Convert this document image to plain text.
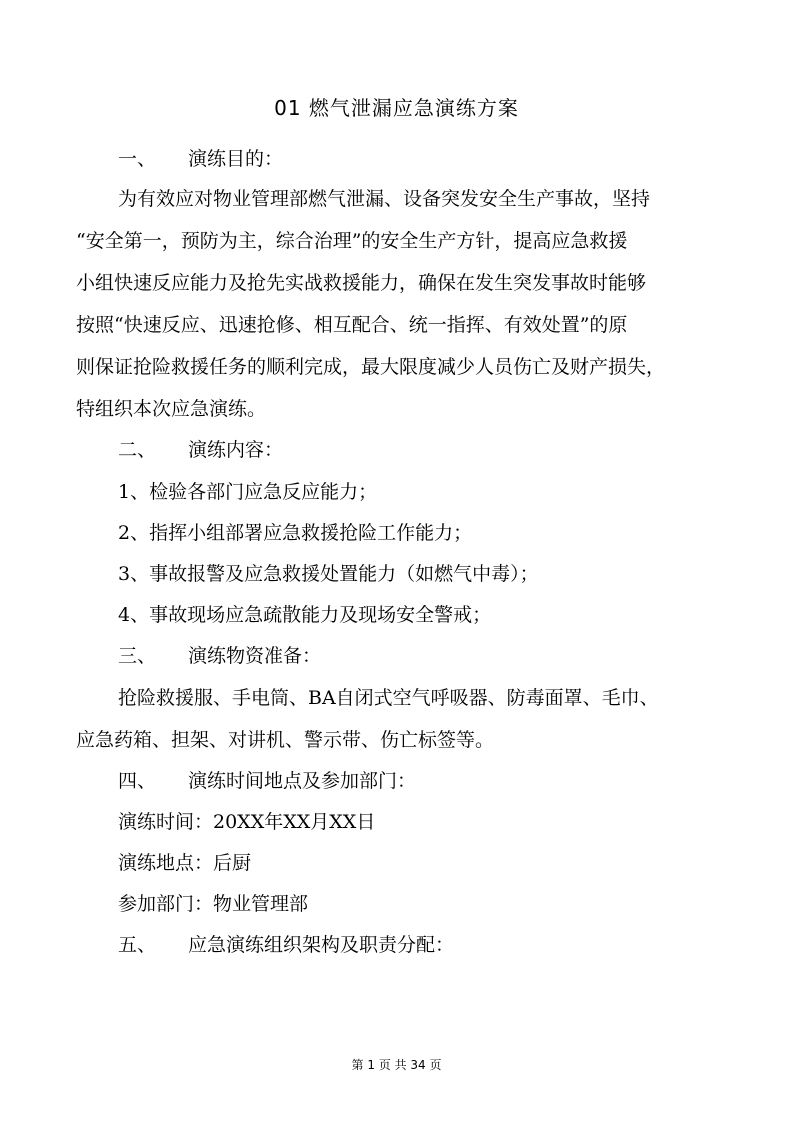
01 燃气泄漏应急演练方案
一、 演练目的：
为有效应对物业管理部燃气泄漏、设备突发安全生产事故，坚持
“安全第一，预防为主，综合治理”的安全生产方针，提高应急救援
小组快速反应能力及抢先实战救援能力，确保在发生突发事故时能够
按照“快速反应、迅速抢修、相互配合、统一指挥、有效处置”的原
则保证抢险救援任务的顺利完成，最大限度减少人员伤亡及财产损失，
特组织本次应急演练。
二、 演练内容：
1、检验各部门应急反应能力；
2、指挥小组部署应急救援抢险工作能力；
3、事故报警及应急救援处置能力（如燃气中毒）；
4、事故现场应急疏散能力及现场安全警戒；
三、 演练物资准备：
抢险救援服、手电筒、BA自闭式空气呼吸器、防毒面罩、毛巾、
应急药箱、担架、对讲机、警示带、伤亡标签等。
四、 演练时间地点及参加部门：
演练时间：20XX年XX月XX日
演练地点：后厨
参加部门：物业管理部
五、 应急演练组织架构及职责分配：
第 1 页 共 34 页
